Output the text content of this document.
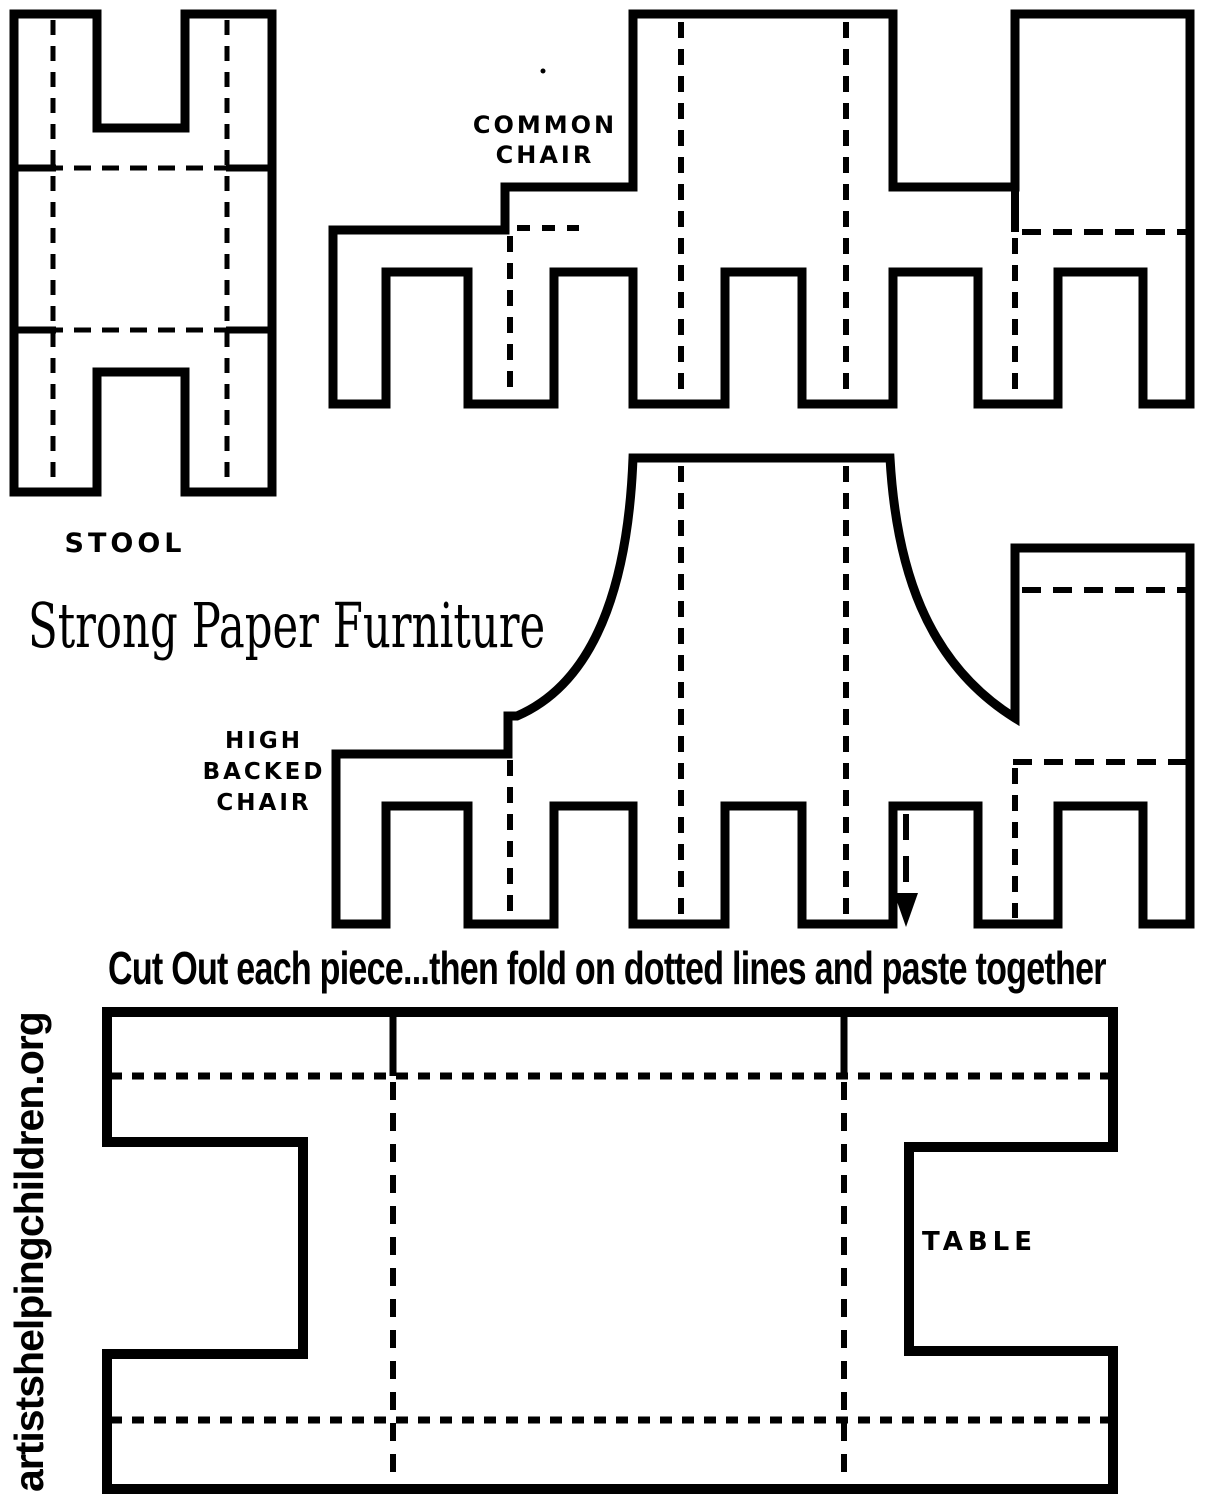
STOOL
COMMON
CHAIR
HIGH
BACKED
CHAIR
TABLE
Strong Paper Furniture
Cut Out each piece...then fold on dotted lines and paste together
artistshelpingchildren.org
